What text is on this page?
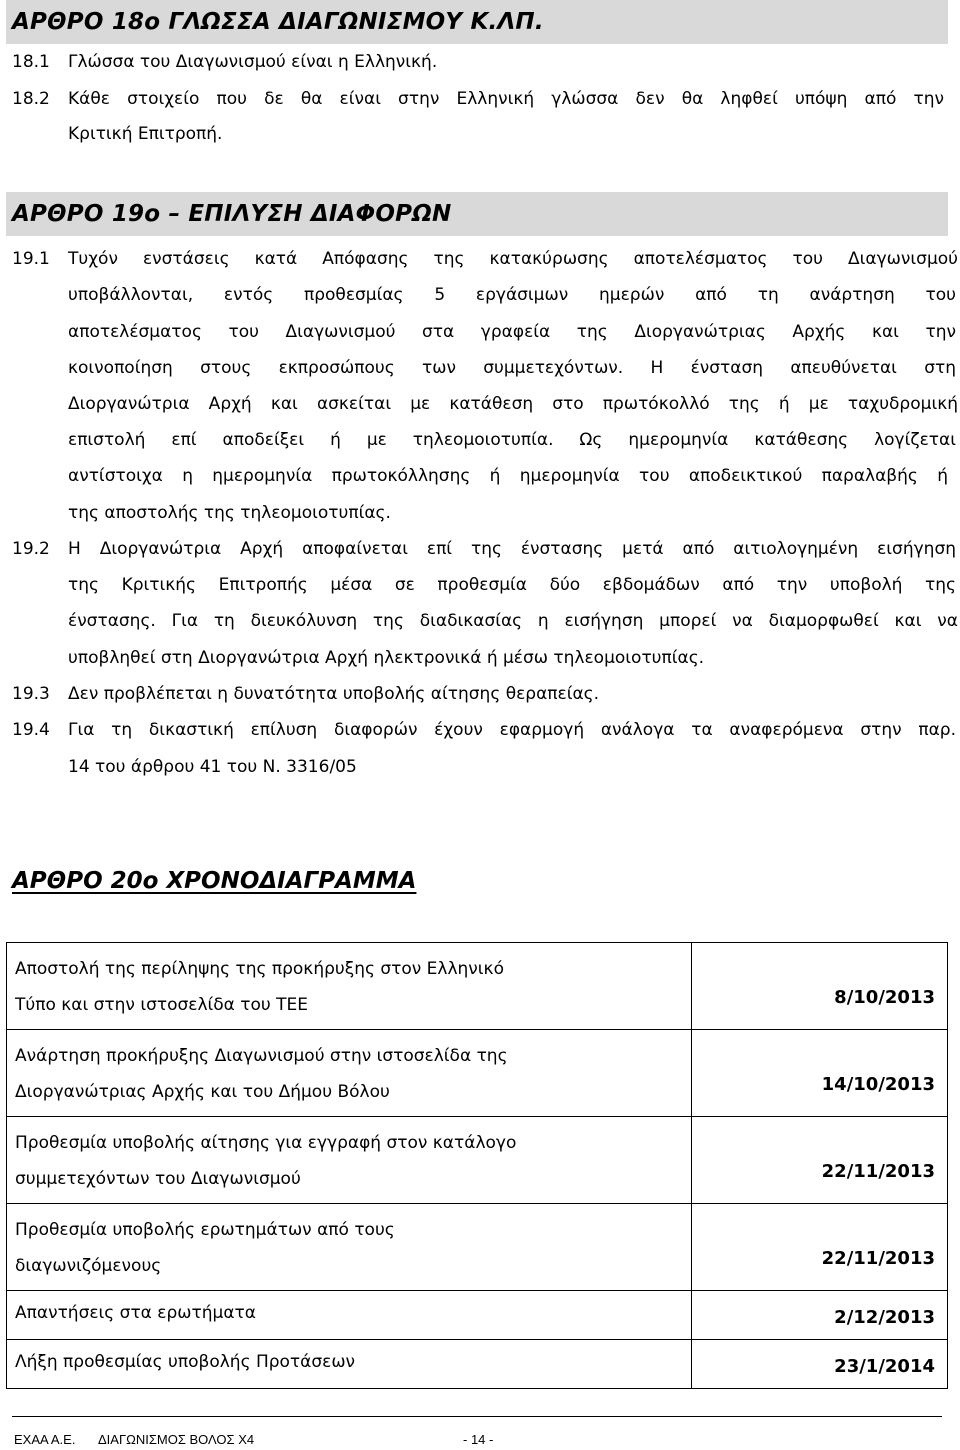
ΑΡΘΡΟ 18ο ΓΛΩΣΣΑ ΔΙΑΓΩΝΙΣΜΟΥ Κ.ΛΠ.
18.1 Γλώσσα του Διαγωνισμού είναι η Ελληνική.
18.2 Κάθε στοιχείο που δε θα είναι στην Ελληνική γλώσσα δεν θα ληφθεί υπόψη από την
Κριτική Επιτροπή.
ΑΡΘΡΟ 19ο – ΕΠΙΛΥΣΗ ΔΙΑΦΟΡΩΝ
19.1 Τυχόν ενστάσεις κατά Απόφασης της κατακύρωσης αποτελέσματος του Διαγωνισμού
υποβάλλονται, εντός προθεσμίας 5 εργάσιμων ημερών από τη ανάρτηση του
αποτελέσματος του Διαγωνισμού στα γραφεία της Διοργανώτριας Αρχής και την
κοινοποίηση στους εκπροσώπους των συμμετεχόντων. Η ένσταση απευθύνεται στη
Διοργανώτρια Αρχή και ασκείται με κατάθεση στο πρωτόκολλό της ή με ταχυδρομική
επιστολή επί αποδείξει ή με τηλεομοιοτυπία. Ως ημερομηνία κατάθεσης λογίζεται
αντίστοιχα η ημερομηνία πρωτοκόλλησης ή ημερομηνία του αποδεικτικού παραλαβής ή
της αποστολής της τηλεομοιοτυπίας.
19.2 Η Διοργανώτρια Αρχή αποφαίνεται επί της ένστασης μετά από αιτιολογημένη εισήγηση
της Κριτικής Επιτροπής μέσα σε προθεσμία δύο εβδομάδων από την υποβολή της
ένστασης. Για τη διευκόλυνση της διαδικασίας η εισήγηση μπορεί να διαμορφωθεί και να
υποβληθεί στη Διοργανώτρια Αρχή ηλεκτρονικά ή μέσω τηλεομοιοτυπίας.
19.3 Δεν προβλέπεται η δυνατότητα υποβολής αίτησης θεραπείας.
19.4 Για τη δικαστική επίλυση διαφορών έχουν εφαρμογή ανάλογα τα αναφερόμενα στην παρ.
14 του άρθρου 41 του Ν. 3316/05
ΑΡΘΡΟ 20ο ΧΡΟΝΟΔΙΑΓΡΑΜΜΑ
Αποστολή της περίληψης της προκήρυξης στον Ελληνικό
Τύπο και στην ιστοσελίδα του ΤΕΕ	8/10/2013

Ανάρτηση προκήρυξης Διαγωνισμού στην ιστοσελίδα της
Διοργανώτριας Αρχής και του Δήμου Βόλου	14/10/2013

Προθεσμία υποβολής αίτησης για εγγραφή στον κατάλογο
συμμετεχόντων του Διαγωνισμού	22/11/2013

Προθεσμία υποβολής ερωτημάτων από τους
διαγωνιζόμενους	22/11/2013

Απαντήσεις στα ερωτήματα	2/12/2013

Λήξη προθεσμίας υποβολής Προτάσεων	23/1/2014
ΕΧΑΑ Α.Ε. ΔΙΑΓΩΝΙΣΜΟΣ ΒΟΛΟΣ Χ4	- 14 -
